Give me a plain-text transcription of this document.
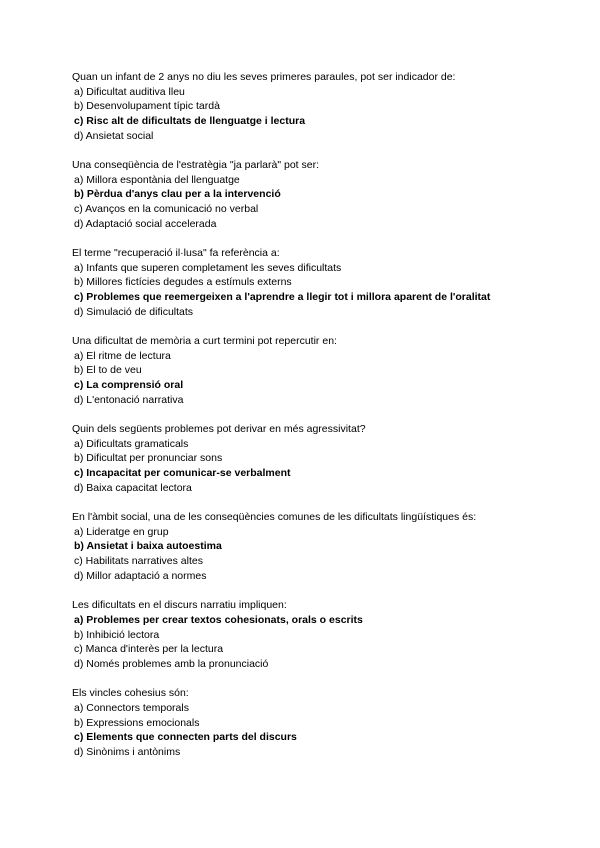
Quan un infant de 2 anys no diu les seves primeres paraules, pot ser indicador de:
a) Dificultat auditiva lleu
b) Desenvolupament típic tardà
c) Risc alt de dificultats de llenguatge i lectura
d) Ansietat social
Una conseqüència de l'estratègia "ja parlarà" pot ser:
a) Millora espontània del llenguatge
b) Pèrdua d'anys clau per a la intervenció
c) Avanços en la comunicació no verbal
d) Adaptació social accelerada
El terme "recuperació il·lusa" fa referència a:
a) Infants que superen completament les seves dificultats
b) Millores fictícies degudes a estímuls externs
c) Problemes que reemergeixen a l'aprendre a llegir tot i millora aparent de l'oralitat
d) Simulació de dificultats
Una dificultat de memòria a curt termini pot repercutir en:
a) El ritme de lectura
b) El to de veu
c) La comprensió oral
d) L'entonació narrativa
Quin dels següents problemes pot derivar en més agressivitat?
a) Dificultats gramaticals
b) Dificultat per pronunciar sons
c) Incapacitat per comunicar-se verbalment
d) Baixa capacitat lectora
En l'àmbit social, una de les conseqüències comunes de les dificultats lingüístiques és:
a) Lideratge en grup
b) Ansietat i baixa autoestima
c) Habilitats narratives altes
d) Millor adaptació a normes
Les dificultats en el discurs narratiu impliquen:
a) Problemes per crear textos cohesionats, orals o escrits
b) Inhibició lectora
c) Manca d'interès per la lectura
d) Només problemes amb la pronunciació
Els vincles cohesius són:
a) Connectors temporals
b) Expressions emocionals
c) Elements que connecten parts del discurs
d) Sinònims i antònims
